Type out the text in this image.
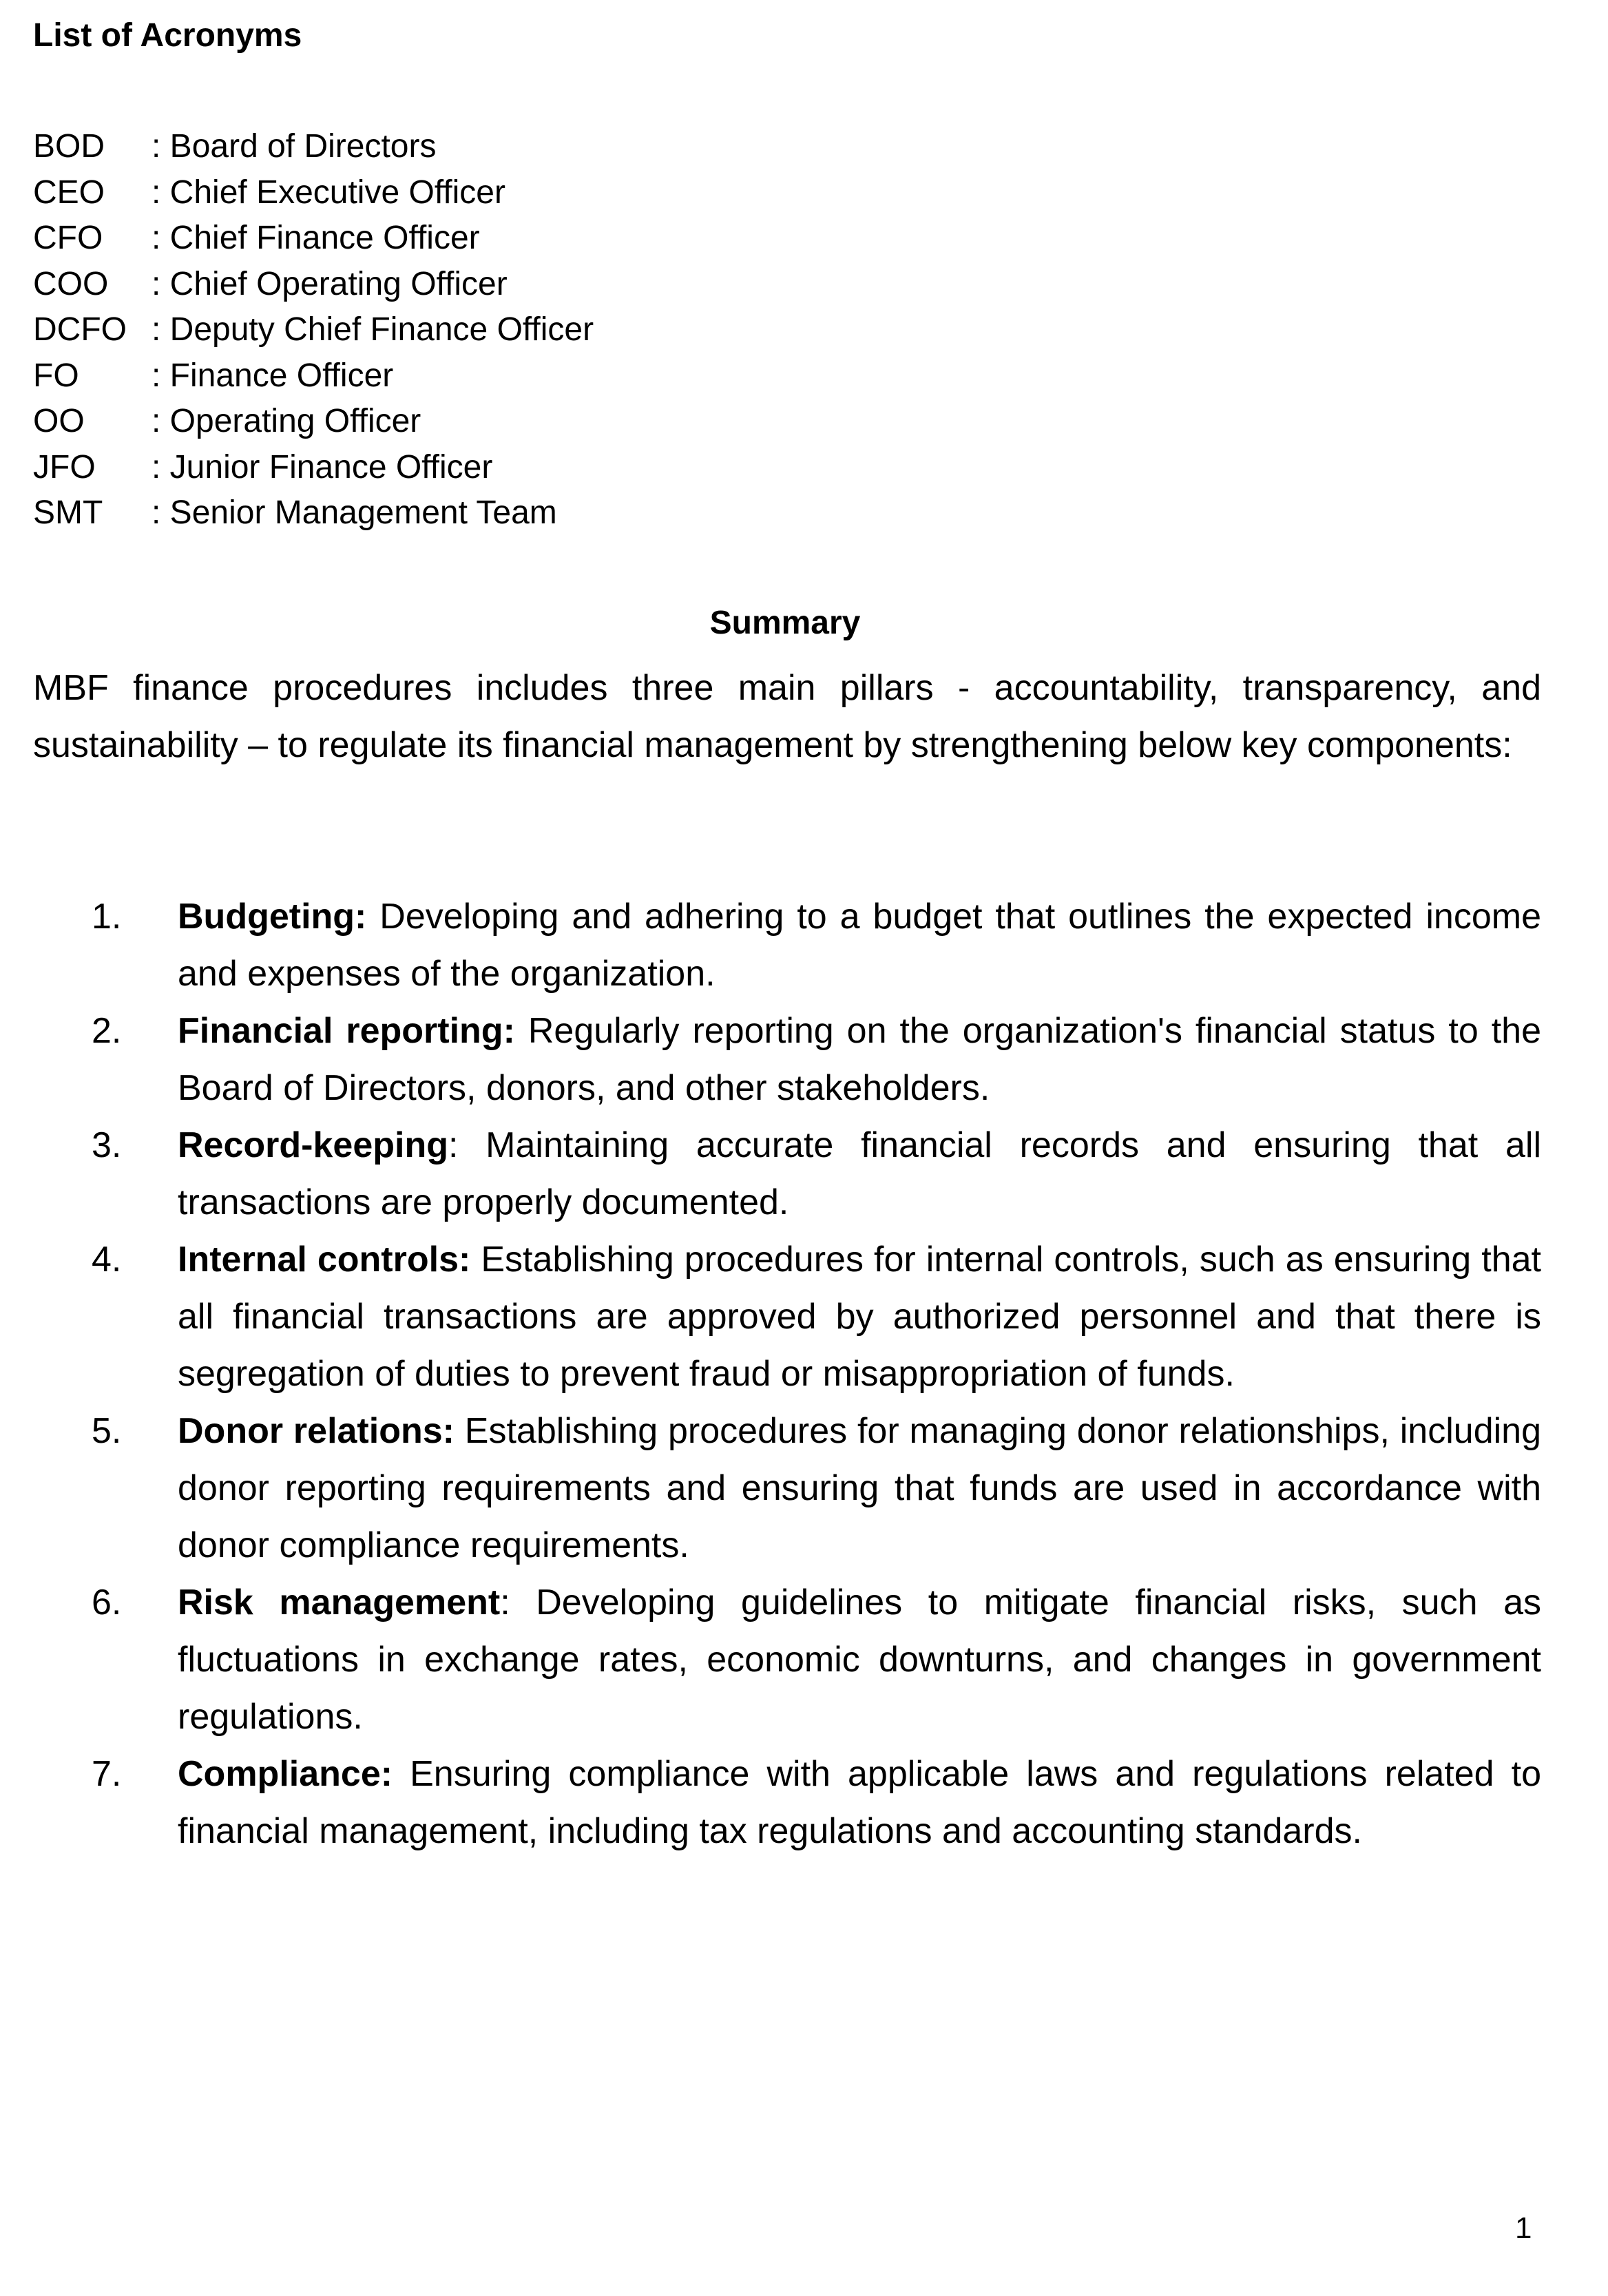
List of Acronyms
BOD	: Board of Directors
CEO	: Chief Executive Officer
CFO	: Chief Finance Officer
COO	: Chief Operating Officer
DCFO : Deputy Chief Finance Officer
FO	: Finance Officer
OO	: Operating Officer
JFO	: Junior Finance Officer
SMT	: Senior Management Team
Summary

MBF finance procedures includes three main pillars - accountability, transparency, and sustainability – to regulate its financial management by strengthening below key components:

1. Budgeting: Developing and adhering to a budget that outlines the expected income and expenses of the organization.
2. Financial reporting: Regularly reporting on the organization's financial status to the Board of Directors, donors, and other stakeholders.
3. Record-keeping: Maintaining accurate financial records and ensuring that all transactions are properly documented.
4. Internal controls: Establishing procedures for internal controls, such as ensuring that all financial transactions are approved by authorized personnel and that there is segregation of duties to prevent fraud or misappropriation of funds.
5. Donor relations: Establishing procedures for managing donor relationships, including donor reporting requirements and ensuring that funds are used in accordance with donor compliance requirements.
6. Risk management: Developing guidelines to mitigate financial risks, such as fluctuations in exchange rates, economic downturns, and changes in government regulations.
7. Compliance: Ensuring compliance with applicable laws and regulations related to financial management, including tax regulations and accounting standards.
1
